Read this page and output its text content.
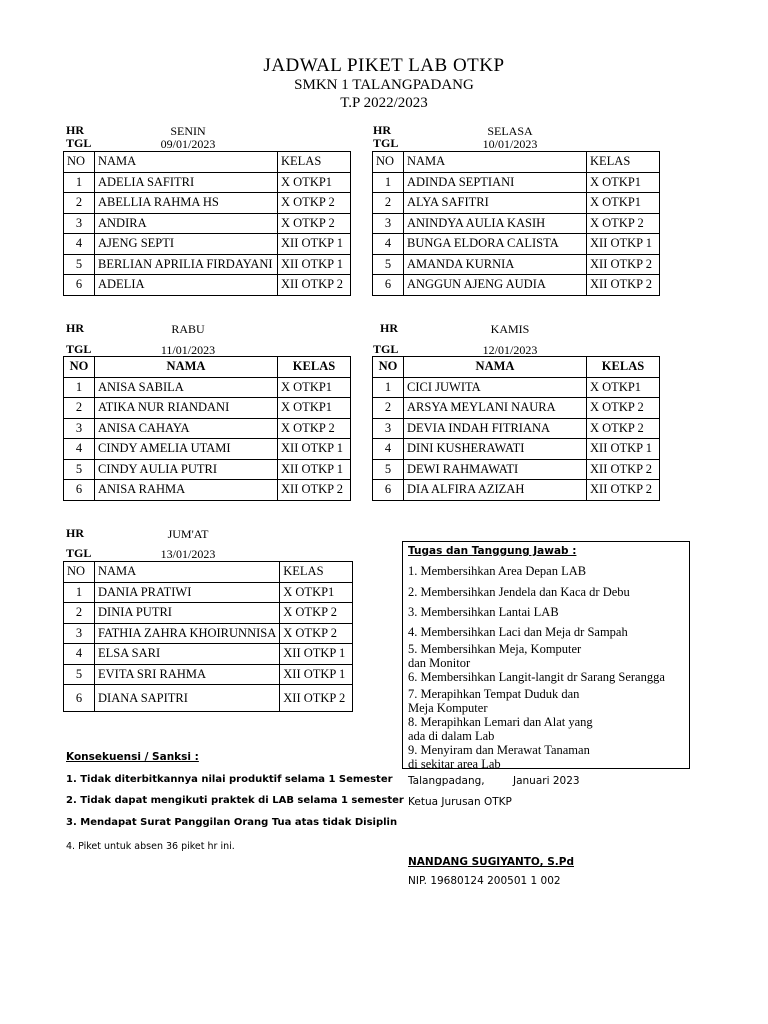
JADWAL PIKET LAB OTKP
SMKN 1 TALANGPADANG
T.P 2022/2023
HR
TGL
SENIN
09/01/2023
NO	NAMA	KELAS
1	ADELIA SAFITRI	X OTKP1
2	ABELLIA RAHMA HS	X OTKP 2
3	ANDIRA	X OTKP 2
4	AJENG SEPTI	XII OTKP 1
5	BERLIAN APRILIA FIRDAYANI	XII OTKP 1
6	ADELIA	XII OTKP 2
HR
TGL
SELASA
10/01/2023
NO	NAMA	KELAS
1	ADINDA SEPTIANI	X OTKP1
2	ALYA SAFITRI	X OTKP1
3	ANINDYA AULIA KASIH	X OTKP 2
4	BUNGA ELDORA CALISTA	XII OTKP 1
5	AMANDA KURNIA	XII OTKP 2
6	ANGGUN AJENG AUDIA	XII OTKP 2
HR
TGL
RABU
11/01/2023
NO	NAMA	KELAS
1	ANISA SABILA	X OTKP1
2	ATIKA NUR RIANDANI	X OTKP1
3	ANISA CAHAYA	X OTKP 2
4	CINDY AMELIA UTAMI	XII OTKP 1
5	CINDY AULIA PUTRI	XII OTKP 1
6	ANISA RAHMA	XII OTKP 2
HR
TGL
KAMIS
12/01/2023
NO	NAMA	KELAS
1	CICI JUWITA	X OTKP1
2	ARSYA MEYLANI NAURA	X OTKP 2
3	DEVIA INDAH FITRIANA	X OTKP 2
4	DINI KUSHERAWATI	XII OTKP 1
5	DEWI RAHMAWATI	XII OTKP 2
6	DIA ALFIRA AZIZAH	XII OTKP 2
HR
TGL
JUM'AT
13/01/2023
NO	NAMA	KELAS
1	DANIA PRATIWI	X OTKP1
2	DINIA PUTRI	X OTKP 2
3	FATHIA ZAHRA KHOIRUNNISA	X OTKP 2
4	ELSA SARI	XII OTKP 1
5	EVITA SRI RAHMA	XII OTKP 1
6	DIANA SAPITRI	XII OTKP 2
Tugas dan Tanggung Jawab :
1. Membersihkan Area Depan LAB
2. Membersihkan Jendela dan Kaca dr Debu
3. Membersihkan Lantai LAB
4. Membersihkan Laci dan Meja dr Sampah
5. Membersihkan Meja, Komputer
dan Monitor
6. Membersihkan Langit-langit dr Sarang Serangga
7. Merapihkan Tempat Duduk dan
Meja Komputer
8. Merapihkan Lemari dan Alat yang
ada di dalam Lab
9. Menyiram dan Merawat Tanaman
di sekitar area Lab
Konsekuensi / Sanksi :
1. Tidak diterbitkannya nilai produktif selama 1 Semester
2. Tidak dapat mengikuti praktek di LAB selama 1 semester
3. Mendapat Surat Panggilan Orang Tua atas tidak Disiplin
4. Piket untuk absen 36 piket hr ini.
Talangpadang,	Januari 2023
Ketua Jurusan OTKP
NANDANG SUGIYANTO, S.Pd
NIP. 19680124 200501 1 002
